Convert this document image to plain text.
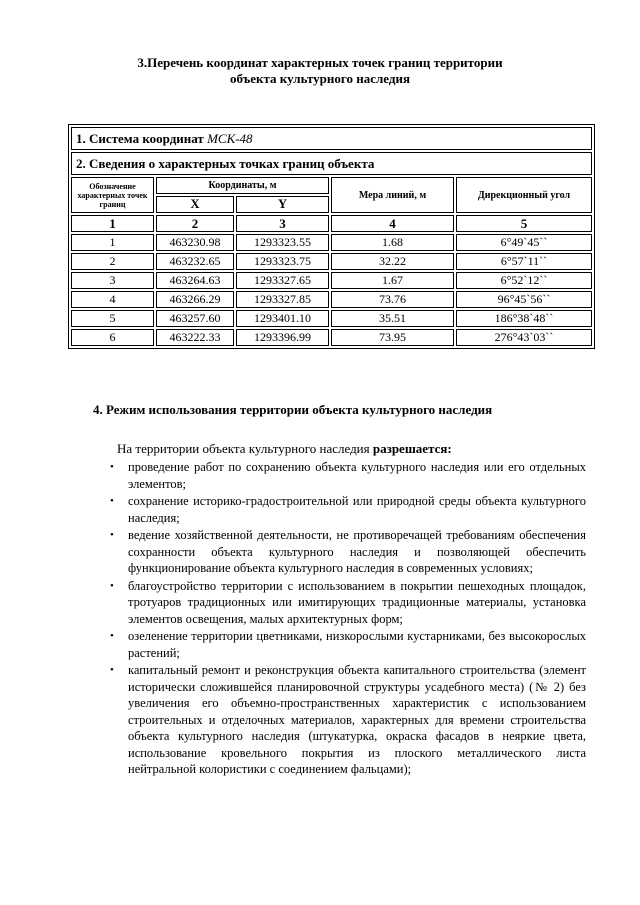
3.Перечень координат характерных точек границ территории
объекта культурного наследия
1. Система координат МСК-48				
2. Сведения о характерных точках границ объекта				
Обозначение характерных точек границ	Координаты, м		Мера линий, м	Дирекционный угол
	X	Y		
1	2	3	4	5
1	463230.98	1293323.55	1.68	6°49`45``
2	463232.65	1293323.75	32.22	6°57`11``
3	463264.63	1293327.65	1.67	6°52`12``
4	463266.29	1293327.85	73.76	96°45`56``
5	463257.60	1293401.10	35.51	186°38`48``
6	463222.33	1293396.99	73.95	276°43`03``
4. Режим использования территории объекта культурного наследия
На территории объекта культурного наследия разрешается:
• проведение работ по сохранению объекта культурного наследия или его отдельных элементов;
• сохранение историко-градостроительной или природной среды объекта культурного наследия;
• ведение хозяйственной деятельности, не противоречащей требованиям обеспечения сохранности объекта культурного наследия и позволяющей обеспечить функционирование объекта культурного наследия в современных условиях;
• благоустройство территории с использованием в покрытии пешеходных площадок, тротуаров традиционных или имитирующих традиционные материалы, установка элементов освещения, малых архитектурных форм;
• озеленение территории цветниками, низкорослыми кустарниками, без высокорослых растений;
• капитальный ремонт и реконструкция объекта капитального строительства (элемент исторически сложившейся планировочной структуры усадебного места) (№ 2) без увеличения его объемно-пространственных характеристик с использованием строительных и отделочных материалов, характерных для времени строительства объекта культурного наследия (штукатурка, окраска фасадов в неяркие цвета, использование кровельного покрытия из плоского металлического листа нейтральной колористики с соединением фальцами);
